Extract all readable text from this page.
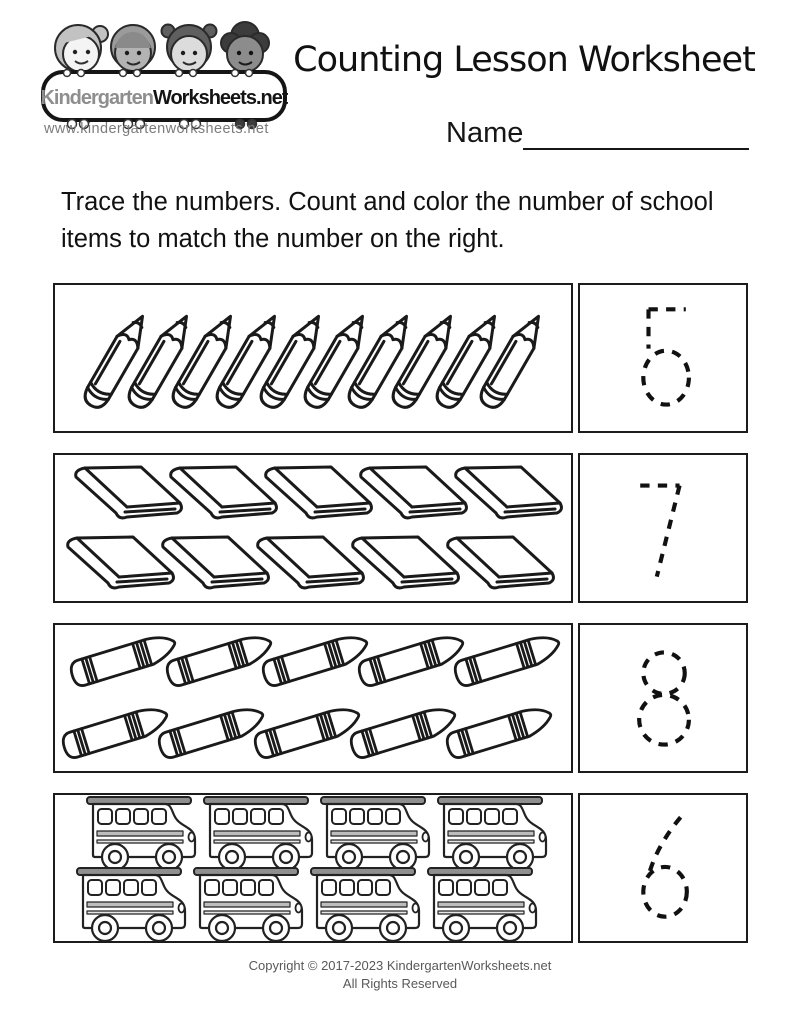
KindergartenWorksheets.net
www.kindergartenworksheets.net
Counting Lesson Worksheet
Name

Trace the numbers. Count and color the number of school
items to match the number on the right.

Copyright © 2017-2023 KindergartenWorksheets.net
All Rights Reserved
